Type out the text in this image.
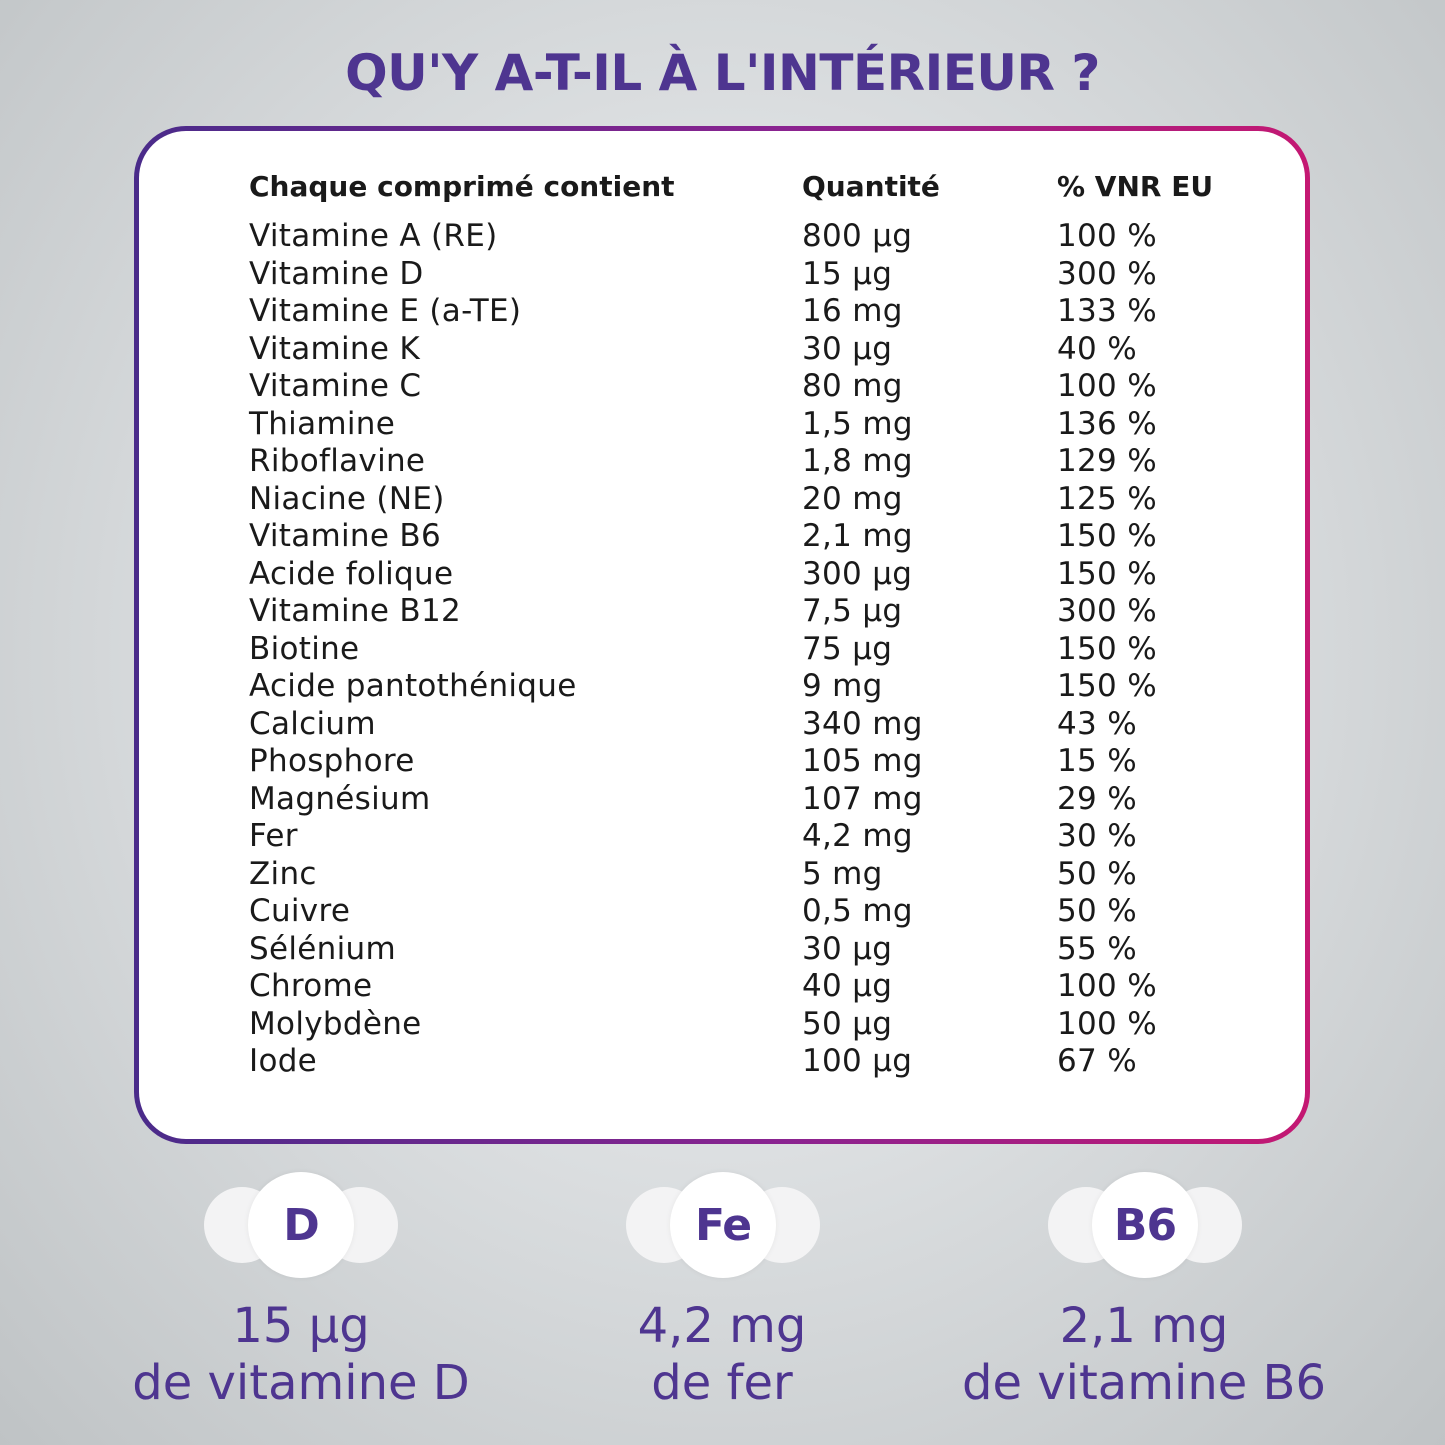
QU'Y A-T-IL À L'INTÉRIEUR ?
Chaque comprimé contient	Quantité	% VNR EU
Vitamine A (RE)	800 µg	100 %
Vitamine D	15 µg	300 %
Vitamine E (a-TE)	16 mg	133 %
Vitamine K	30 µg	40 %
Vitamine C	80 mg	100 %
Thiamine	1,5 mg	136 %
Riboflavine	1,8 mg	129 %
Niacine (NE)	20 mg	125 %
Vitamine B6	2,1 mg	150 %
Acide folique	300 µg	150 %
Vitamine B12	7,5 µg	300 %
Biotine	75 µg	150 %
Acide pantothénique	9 mg	150 %
Calcium	340 mg	43 %
Phosphore	105 mg	15 %
Magnésium	107 mg	29 %
Fer	4,2 mg	30 %
Zinc	5 mg	50 %
Cuivre	0,5 mg	50 %
Sélénium	30 µg	55 %
Chrome	40 µg	100 %
Molybdène	50 µg	100 %
Iode	100 µg	67 %
D	Fe	B6
15 µg
de vitamine D
4,2 mg
de fer
2,1 mg
de vitamine B6
